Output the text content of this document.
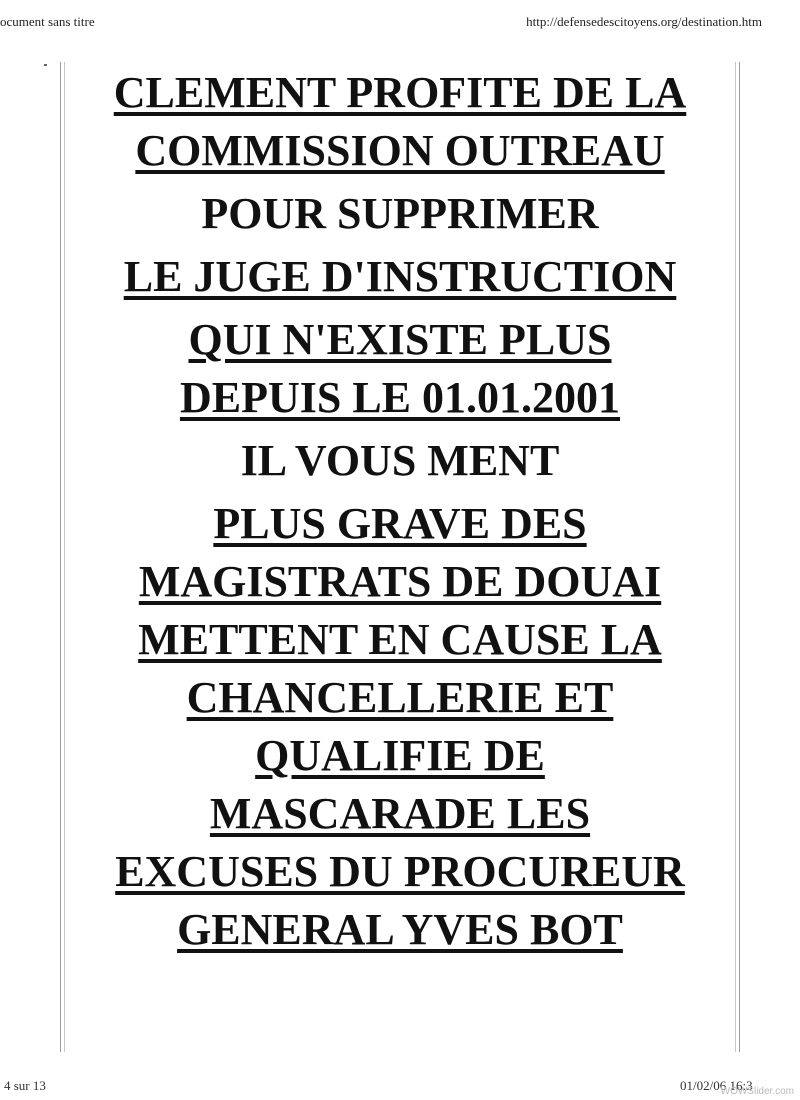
ocument sans titre	http://defensedescitoyens.org/destination.htm
CLEMENT PROFITE DE LA
COMMISSION OUTREAU
POUR SUPPRIMER
LE JUGE D'INSTRUCTION
QUI N'EXISTE PLUS
DEPUIS LE 01.01.2001
IL VOUS MENT
PLUS GRAVE DES
MAGISTRATS DE DOUAI
METTENT EN CAUSE LA
CHANCELLERIE ET
QUALIFIE DE
MASCARADE LES
EXCUSES DU PROCUREUR
GENERAL YVES BOT
4 sur 13	01/02/06 16:3
WOWSlider.com
